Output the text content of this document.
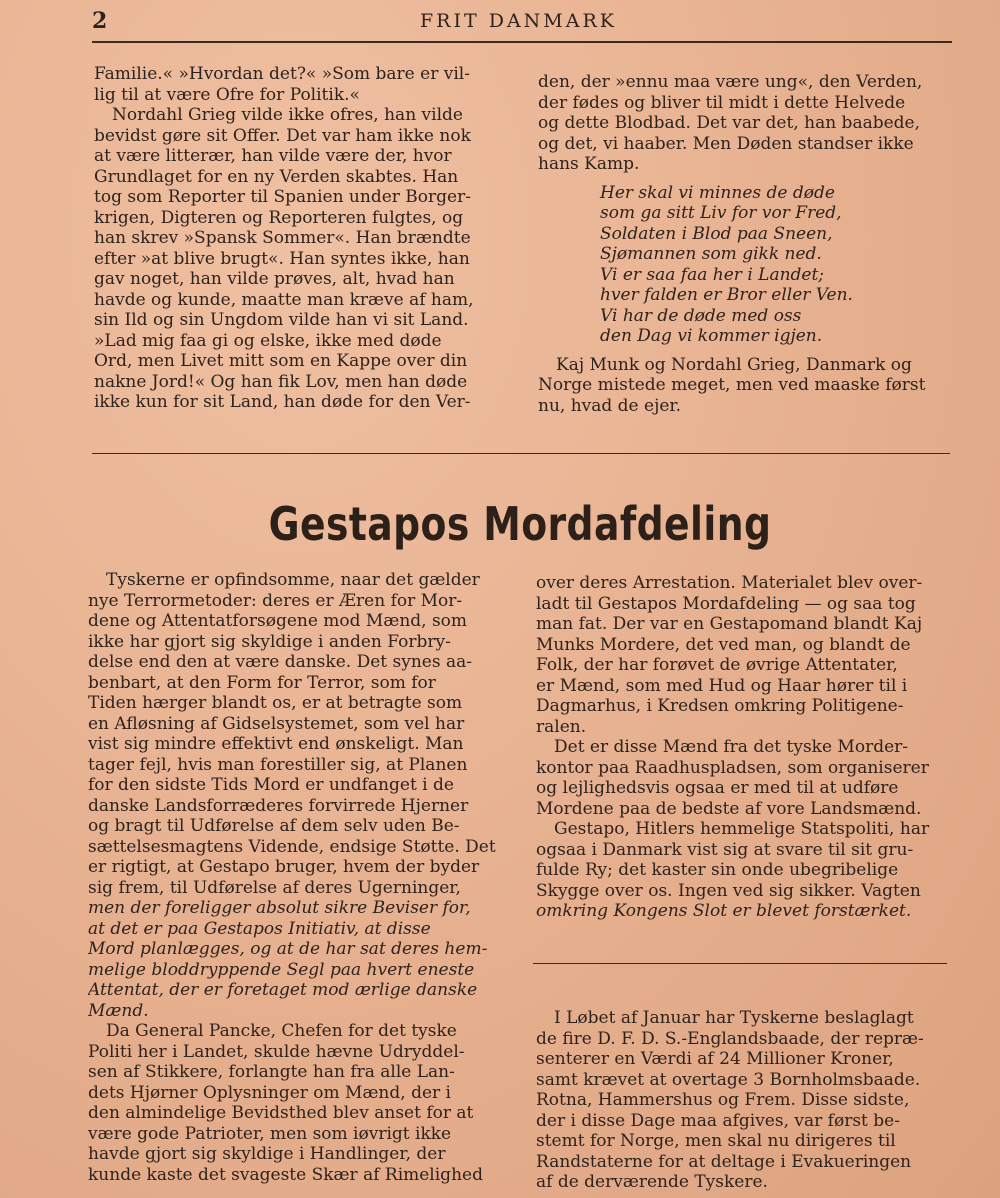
2	FRIT DANMARK
Familie.« »Hvordan det?« »Som bare er vil-
lig til at være Ofre for Politik.«
Nordahl Grieg vilde ikke ofres, han vilde
bevidst gøre sit Offer. Det var ham ikke nok
at være litterær, han vilde være der, hvor
Grundlaget for en ny Verden skabtes. Han
tog som Reporter til Spanien under Borger-
krigen, Digteren og Reporteren fulgtes, og
han skrev »Spansk Sommer«. Han brændte
efter »at blive brugt«. Han syntes ikke, han
gav noget, han vilde prøves, alt, hvad han
havde og kunde, maatte man kræve af ham,
sin Ild og sin Ungdom vilde han vi sit Land.
»Lad mig faa gi og elske, ikke med døde
Ord, men Livet mitt som en Kappe over din
nakne Jord!« Og han fik Lov, men han døde
ikke kun for sit Land, han døde for den Ver-
den, der »ennu maa være ung«, den Verden,
der fødes og bliver til midt i dette Helvede
og dette Blodbad. Det var det, han baabede,
og det, vi haaber. Men Døden standser ikke
hans Kamp.
Her skal vi minnes de døde
som ga sitt Liv for vor Fred,
Soldaten i Blod paa Sneen,
Sjømannen som gikk ned.
Vi er saa faa her i Landet;
hver falden er Bror eller Ven.
Vi har de døde med oss
den Dag vi kommer igjen.
Kaj Munk og Nordahl Grieg, Danmark og
Norge mistede meget, men ved maaske først
nu, hvad de ejer.
Gestapos Mordafdeling
Tyskerne er opfindsomme, naar det gælder
nye Terrormetoder: deres er Æren for Mor-
dene og Attentatforsøgene mod Mænd, som
ikke har gjort sig skyldige i anden Forbry-
delse end den at være danske. Det synes aa-
benbart, at den Form for Terror, som for
Tiden hærger blandt os, er at betragte som
en Afløsning af Gidselsystemet, som vel har
vist sig mindre effektivt end ønskeligt. Man
tager fejl, hvis man forestiller sig, at Planen
for den sidste Tids Mord er undfanget i de
danske Landsforræderes forvirrede Hjerner
og bragt til Udførelse af dem selv uden Be-
sættelsesmagtens Vidende, endsige Støtte. Det
er rigtigt, at Gestapo bruger, hvem der byder
sig frem, til Udførelse af deres Ugerninger,
men der foreligger absolut sikre Beviser for,
at det er paa Gestapos Initiativ, at disse
Mord planlægges, og at de har sat deres hem-
melige bloddryppende Segl paa hvert eneste
Attentat, der er foretaget mod ærlige danske
Mænd.
Da General Pancke, Chefen for det tyske
Politi her i Landet, skulde hævne Udryddel-
sen af Stikkere, forlangte han fra alle Lan-
dets Hjørner Oplysninger om Mænd, der i
den almindelige Bevidsthed blev anset for at
være gode Patrioter, men som iøvrigt ikke
havde gjort sig skyldige i Handlinger, der
kunde kaste det svageste Skær af Rimelighed
over deres Arrestation. Materialet blev over-
ladt til Gestapos Mordafdeling — og saa tog
man fat. Der var en Gestapomand blandt Kaj
Munks Mordere, det ved man, og blandt de
Folk, der har forøvet de øvrige Attentater,
er Mænd, som med Hud og Haar hører til i
Dagmarhus, i Kredsen omkring Politigene-
ralen.
Det er disse Mænd fra det tyske Morder-
kontor paa Raadhuspladsen, som organiserer
og lejlighedsvis ogsaa er med til at udføre
Mordene paa de bedste af vore Landsmænd.
Gestapo, Hitlers hemmelige Statspoliti, har
ogsaa i Danmark vist sig at svare til sit gru-
fulde Ry; det kaster sin onde ubegribelige
Skygge over os. Ingen ved sig sikker. Vagten
omkring Kongens Slot er blevet forstærket.
I Løbet af Januar har Tyskerne beslaglagt
de fire D. F. D. S.-Englandsbaade, der repræ-
senterer en Værdi af 24 Millioner Kroner,
samt krævet at overtage 3 Bornholmsbaade.
Rotna, Hammershus og Frem. Disse sidste,
der i disse Dage maa afgives, var først be-
stemt for Norge, men skal nu dirigeres til
Randstaterne for at deltage i Evakueringen
af de derværende Tyskere.
